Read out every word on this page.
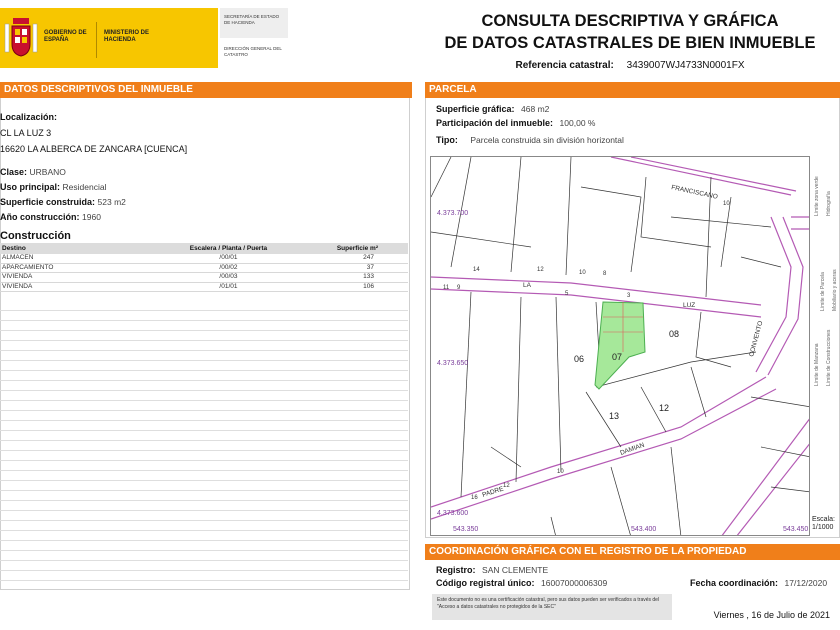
GOBIERNO DE ESPAÑA
MINISTERIO DE HACIENDA
SECRETARÍA DE ESTADO DE HACIENDA
DIRECCIÓN GENERAL DEL CATASTRO
CONSULTA DESCRIPTIVA Y GRÁFICA
DE DATOS CATASTRALES DE BIEN INMUEBLE
Referencia catastral: 3439007WJ4733N0001FX
DATOS DESCRIPTIVOS DEL INMUEBLE
Localización:
CL LA LUZ 3
16620 LA ALBERCA DE ZANCARA [CUENCA]
Clase: URBANO
Uso principal: Residencial
Superficie construida: 523 m2
Año construcción: 1960
Construcción
Destino	Escalera / Planta / Puerta	Superficie m²
ALMACEN	/00/01	247
APARCAMIENTO	/00/02	37
VIVIENDA	/00/03	133
VIVIENDA	/01/01	106
PARCELA
Superficie gráfica: 468 m2
Participación del inmueble: 100,00 %
Tipo: Parcela construida sin división horizontal
4.373.700
4.373.650
4.373.600
543.350	543.400	543.450
LA
LUZ
FRANCISCANO
PADRE
DAMIAN
CONVENTO
06	07
08
13
12
14	12	10	8
9
10
16
10
12
11
3
5
Límite de Manzana
Límite de Parcela
Límite de Construcciones
Mobiliario y aceras
Límite zona verde Hidrografía
Escala:
1/1000
COORDINACIÓN GRÁFICA CON EL REGISTRO DE LA PROPIEDAD
Registro: SAN CLEMENTE
Código registral único: 16007000006309	Fecha coordinación: 17/12/2020
Este documento no es una certificación catastral, pero sus datos pueden ser verificados a través del "Acceso a datos catastrales no protegidos de la SEC"
Viernes , 16 de Julio de 2021
